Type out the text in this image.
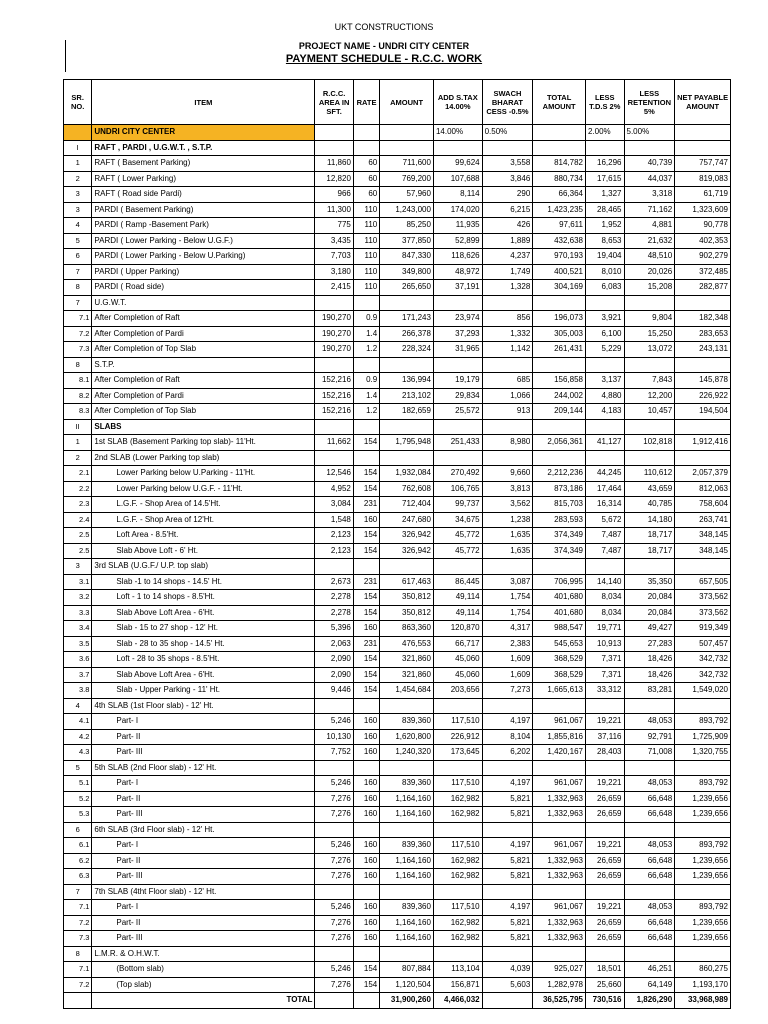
UKT CONSTRUCTIONS
PROJECT NAME - UNDRI CITY CENTER
PAYMENT SCHEDULE - R.C.C. WORK
SR. NO.	ITEM	R.C.C. AREA IN SFT.	RATE	AMOUNT	ADD S.TAX 14.00%	SWACH BHARAT CESS -0.5%	TOTAL AMOUNT	LESS T.D.S 2%	LESS RETENTION 5%	NET PAYABLE AMOUNT
	UNDRI CITY CENTER				14.00%	0.50%		2.00%	5.00%	
I	RAFT , PARDI , U.G.W.T. , S.T.P.									
1	RAFT ( Basement Parking)	11,860	60	711,600	99,624	3,558	814,782	16,296	40,739	757,747
2	RAFT ( Lower Parking)	12,820	60	769,200	107,688	3,846	880,734	17,615	44,037	819,083
3	RAFT ( Road side Pardi)	966	60	57,960	8,114	290	66,364	1,327	3,318	61,719
3	PARDI ( Basement Parking)	11,300	110	1,243,000	174,020	6,215	1,423,235	28,465	71,162	1,323,609
4	PARDI ( Ramp -Basement Park)	775	110	85,250	11,935	426	97,611	1,952	4,881	90,778
5	PARDI ( Lower Parking - Below U.G.F.)	3,435	110	377,850	52,899	1,889	432,638	8,653	21,632	402,353
6	PARDI ( Lower Parking - Below U.Parking)	7,703	110	847,330	118,626	4,237	970,193	19,404	48,510	902,279
7	PARDI ( Upper Parking)	3,180	110	349,800	48,972	1,749	400,521	8,010	20,026	372,485
8	PARDI ( Road side)	2,415	110	265,650	37,191	1,328	304,169	6,083	15,208	282,877
7	U.G.W.T.									
7.1	After Completion of Raft	190,270	0.9	171,243	23,974	856	196,073	3,921	9,804	182,348
7.2	After Completion of Pardi	190,270	1.4	266,378	37,293	1,332	305,003	6,100	15,250	283,653
7.3	After Completion of Top Slab	190,270	1.2	228,324	31,965	1,142	261,431	5,229	13,072	243,131
8	S.T.P.									
8.1	After Completion of Raft	152,216	0.9	136,994	19,179	685	156,858	3,137	7,843	145,878
8.2	After Completion of Pardi	152,216	1.4	213,102	29,834	1,066	244,002	4,880	12,200	226,922
8.3	After Completion of Top Slab	152,216	1.2	182,659	25,572	913	209,144	4,183	10,457	194,504
II	SLABS									
1	1st SLAB (Basement Parking top slab)- 11'Ht.	11,662	154	1,795,948	251,433	8,980	2,056,361	41,127	102,818	1,912,416
2	2nd SLAB (Lower Parking top slab)									
2.1	Lower Parking below U.Parking - 11'Ht.	12,546	154	1,932,084	270,492	9,660	2,212,236	44,245	110,612	2,057,379
2.2	Lower Parking below U.G.F. - 11'Ht.	4,952	154	762,608	106,765	3,813	873,186	17,464	43,659	812,063
2.3	L.G.F. - Shop Area of 14.5'Ht.	3,084	231	712,404	99,737	3,562	815,703	16,314	40,785	758,604
2.4	L.G.F. - Shop Area of 12'Ht.	1,548	160	247,680	34,675	1,238	283,593	5,672	14,180	263,741
2.5	Loft Area - 8.5'Ht.	2,123	154	326,942	45,772	1,635	374,349	7,487	18,717	348,145
2.5	Slab Above Loft - 6' Ht.	2,123	154	326,942	45,772	1,635	374,349	7,487	18,717	348,145
3	3rd SLAB (U.G.F./ U.P. top slab)									
3.1	Slab -1 to 14 shops - 14.5' Ht.	2,673	231	617,463	86,445	3,087	706,995	14,140	35,350	657,505
3.2	Loft - 1 to 14 shops - 8.5'Ht.	2,278	154	350,812	49,114	1,754	401,680	8,034	20,084	373,562
3.3	Slab Above Loft Area - 6'Ht.	2,278	154	350,812	49,114	1,754	401,680	8,034	20,084	373,562
3.4	Slab - 15 to 27 shop - 12' Ht.	5,396	160	863,360	120,870	4,317	988,547	19,771	49,427	919,349
3.5	Slab - 28 to 35 shop - 14.5' Ht.	2,063	231	476,553	66,717	2,383	545,653	10,913	27,283	507,457
3.6	Loft - 28 to 35 shops - 8.5'Ht.	2,090	154	321,860	45,060	1,609	368,529	7,371	18,426	342,732
3.7	Slab Above Loft Area - 6'Ht.	2,090	154	321,860	45,060	1,609	368,529	7,371	18,426	342,732
3.8	Slab - Upper Parking - 11' Ht.	9,446	154	1,454,684	203,656	7,273	1,665,613	33,312	83,281	1,549,020
4	4th SLAB (1st Floor slab) - 12' Ht.									
4.1	Part- I	5,246	160	839,360	117,510	4,197	961,067	19,221	48,053	893,792
4.2	Part- II	10,130	160	1,620,800	226,912	8,104	1,855,816	37,116	92,791	1,725,909
4.3	Part- III	7,752	160	1,240,320	173,645	6,202	1,420,167	28,403	71,008	1,320,755
5	5th SLAB (2nd Floor slab) - 12' Ht.									
5.1	Part- I	5,246	160	839,360	117,510	4,197	961,067	19,221	48,053	893,792
5.2	Part- II	7,276	160	1,164,160	162,982	5,821	1,332,963	26,659	66,648	1,239,656
5.3	Part- III	7,276	160	1,164,160	162,982	5,821	1,332,963	26,659	66,648	1,239,656
6	6th SLAB (3rd Floor slab) - 12' Ht.									
6.1	Part- I	5,246	160	839,360	117,510	4,197	961,067	19,221	48,053	893,792
6.2	Part- II	7,276	160	1,164,160	162,982	5,821	1,332,963	26,659	66,648	1,239,656
6.3	Part- III	7,276	160	1,164,160	162,982	5,821	1,332,963	26,659	66,648	1,239,656
7	7th SLAB (4tht Floor slab) - 12' Ht.									
7.1	Part- I	5,246	160	839,360	117,510	4,197	961,067	19,221	48,053	893,792
7.2	Part- II	7,276	160	1,164,160	162,982	5,821	1,332,963	26,659	66,648	1,239,656
7.3	Part- III	7,276	160	1,164,160	162,982	5,821	1,332,963	26,659	66,648	1,239,656
8	L.M.R. & O.H.W.T.									
7.1	(Bottom slab)	5,246	154	807,884	113,104	4,039	925,027	18,501	46,251	860,275
7.2	(Top slab)	7,276	154	1,120,504	156,871	5,603	1,282,978	25,660	64,149	1,193,170
	TOTAL			31,900,260	4,466,032		36,525,795	730,516	1,826,290	33,968,989
